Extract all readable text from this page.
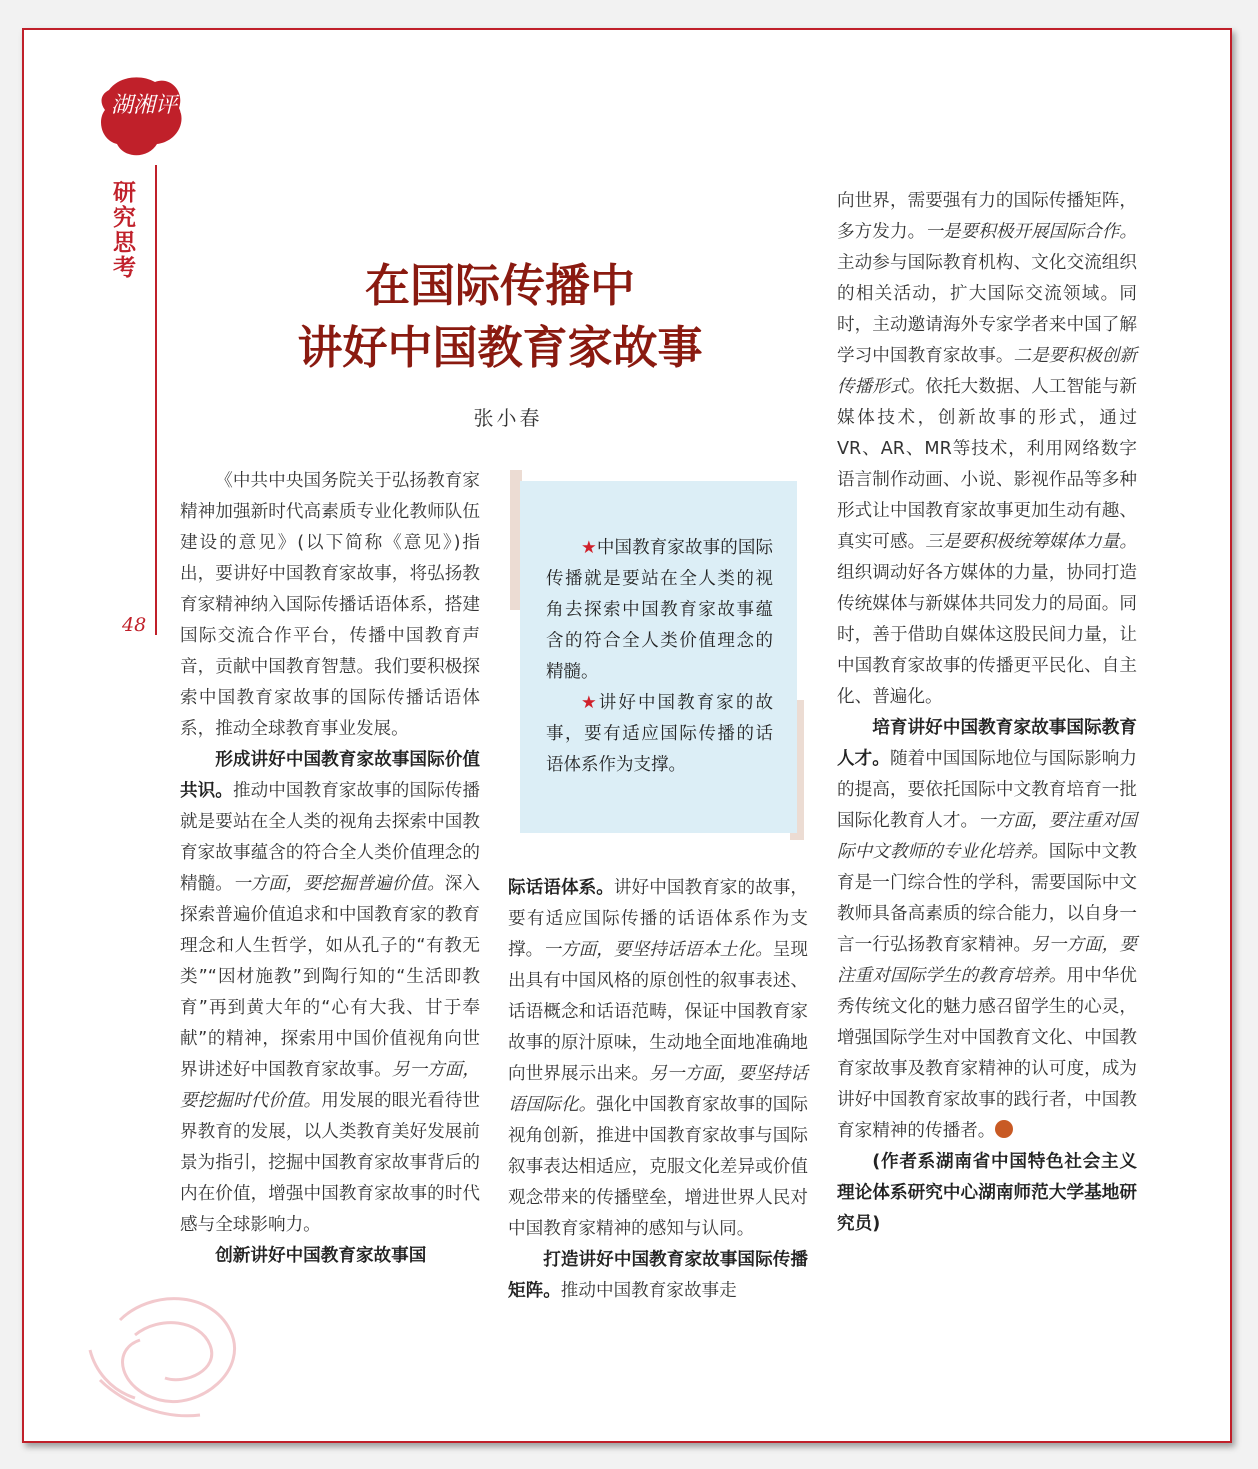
湖湘评论
研究思考
48
在国际传播中
讲好中国教育家故事
张小春

《中共中央国务院关于弘扬教育家精神加强新时代高素质专业化教师队伍建设的意见》(以下简称《意见》)指出，要讲好中国教育家故事，将弘扬教育家精神纳入国际传播话语体系，搭建国际交流合作平台，传播中国教育声音，贡献中国教育智慧。我们要积极探索中国教育家故事的国际传播话语体系，推动全球教育事业发展。

形成讲好中国教育家故事国际价值共识。推动中国教育家故事的国际传播就是要站在全人类的视角去探索中国教育家故事蕴含的符合全人类价值理念的精髓。一方面，要挖掘普遍价值。深入探索普遍价值追求和中国教育家的教育理念和人生哲学，如从孔子的“有教无类”“因材施教”到陶行知的“生活即教育”再到黄大年的“心有大我、甘于奉献”的精神，探索用中国价值视角向世界讲述好中国教育家故事。另一方面，要挖掘时代价值。用发展的眼光看待世界教育的发展，以人类教育美好发展前景为指引，挖掘中国教育家故事背后的内在价值，增强中国教育家故事的时代感与全球影响力。

创新讲好中国教育家故事国

★中国教育家故事的国际传播就是要站在全人类的视角去探索中国教育家故事蕴含的符合全人类价值理念的精髓。

★讲好中国教育家的故事，要有适应国际传播的话语体系作为支撑。

际话语体系。讲好中国教育家的故事，要有适应国际传播的话语体系作为支撑。一方面，要坚持话语本土化。呈现出具有中国风格的原创性的叙事表述、话语概念和话语范畴，保证中国教育家故事的原汁原味，生动地全面地准确地向世界展示出来。另一方面，要坚持话语国际化。强化中国教育家故事的国际视角创新，推进中国教育家故事与国际叙事表达相适应，克服文化差异或价值观念带来的传播壁垒，增进世界人民对中国教育家精神的感知与认同。

打造讲好中国教育家故事国际传播矩阵。推动中国教育家故事走

向世界，需要强有力的国际传播矩阵，多方发力。一是要积极开展国际合作。主动参与国际教育机构、文化交流组织的相关活动，扩大国际交流领域。同时，主动邀请海外专家学者来中国了解学习中国教育家故事。二是要积极创新传播形式。依托大数据、人工智能与新媒体技术，创新故事的形式，通过VR、AR、MR等技术，利用网络数字语言制作动画、小说、影视作品等多种形式让中国教育家故事更加生动有趣、真实可感。三是要积极统筹媒体力量。组织调动好各方媒体的力量，协同打造传统媒体与新媒体共同发力的局面。同时，善于借助自媒体这股民间力量，让中国教育家故事的传播更平民化、自主化、普遍化。

培育讲好中国教育家故事国际教育人才。随着中国国际地位与国际影响力的提高，要依托国际中文教育培育一批国际化教育人才。一方面，要注重对国际中文教师的专业化培养。国际中文教育是一门综合性的学科，需要国际中文教师具备高素质的综合能力，以自身一言一行弘扬教育家精神。另一方面，要注重对国际学生的教育培养。用中华优秀传统文化的魅力感召留学生的心灵，增强国际学生对中国教育文化、中国教育家故事及教育家精神的认可度，成为讲好中国教育家故事的践行者，中国教育家精神的传播者。

(作者系湖南省中国特色社会主义理论体系研究中心湖南师范大学基地研究员)
